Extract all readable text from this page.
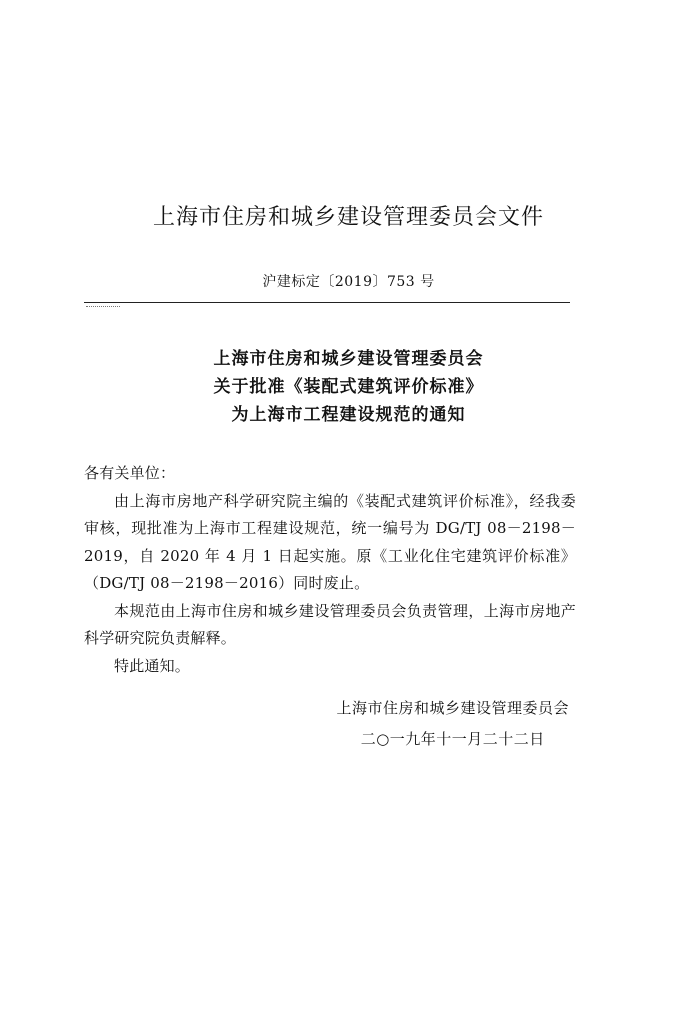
上海市住房和城乡建设管理委员会文件
沪建标定〔2019〕753 号
上海市住房和城乡建设管理委员会
关于批准《装配式建筑评价标准》
为上海市工程建设规范的通知
各有关单位：
由上海市房地产科学研究院主编的《装配式建筑评价标准》，经我委审核，现批准为上海市工程建设规范，统一编号为 DG/TJ 08－2198－2019，自 2020 年 4 月 1 日起实施。原《工业化住宅建筑评价标准》（DG/TJ 08－2198－2016）同时废止。
本规范由上海市住房和城乡建设管理委员会负责管理，上海市房地产科学研究院负责解释。
特此通知。
上海市住房和城乡建设管理委员会
二○一九年十一月二十二日
